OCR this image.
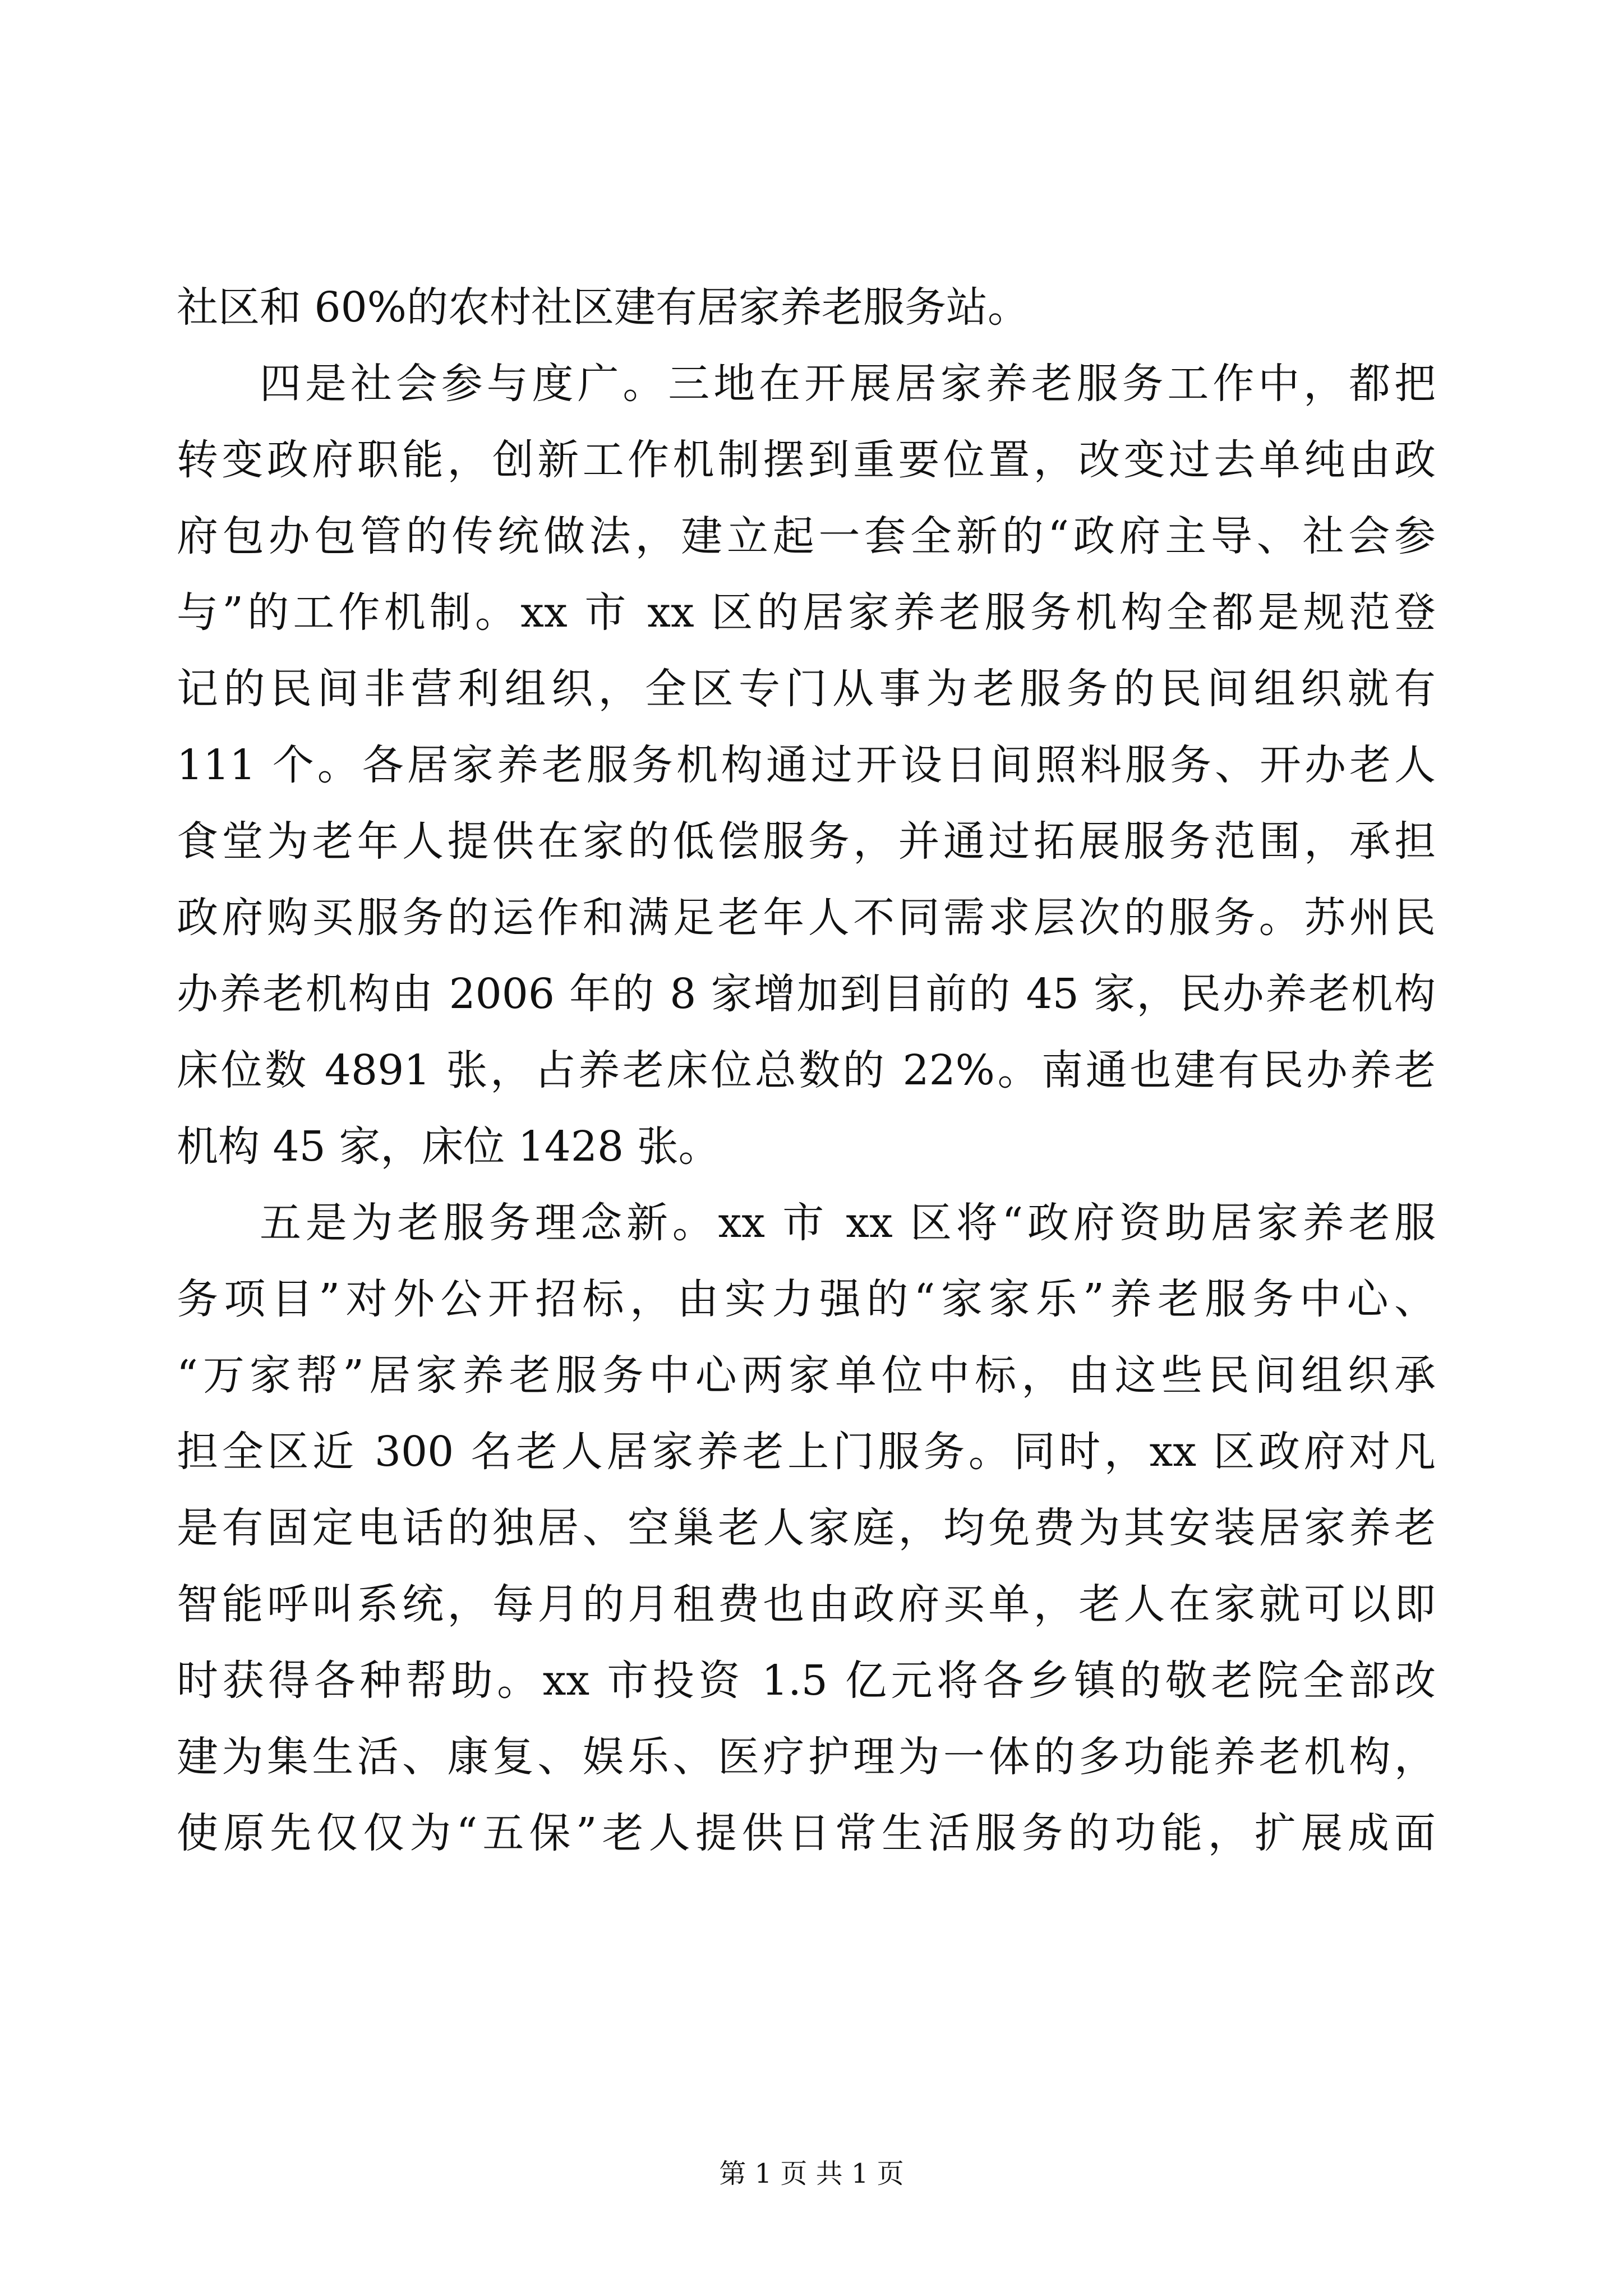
社区和 60%的农村社区建有居家养老服务站。
四是社会参与度广。三地在开展居家养老服务工作中，都把
转变政府职能，创新工作机制摆到重要位置，改变过去单纯由政
府包办包管的传统做法，建立起一套全新的“政府主导、社会参
与”的工作机制。xx 市 xx 区的居家养老服务机构全都是规范登
记的民间非营利组织，全区专门从事为老服务的民间组织就有
111 个。各居家养老服务机构通过开设日间照料服务、开办老人
食堂为老年人提供在家的低偿服务，并通过拓展服务范围，承担
政府购买服务的运作和满足老年人不同需求层次的服务。苏州民
办养老机构由 2006 年的 8 家增加到目前的 45 家，民办养老机构
床位数 4891 张，占养老床位总数的 22%。南通也建有民办养老
机构 45 家，床位 1428 张。
五是为老服务理念新。xx 市 xx 区将“政府资助居家养老服
务项目”对外公开招标，由实力强的“家家乐”养老服务中心、
“万家帮”居家养老服务中心两家单位中标，由这些民间组织承
担全区近 300 名老人居家养老上门服务。同时，xx 区政府对凡
是有固定电话的独居、空巢老人家庭，均免费为其安装居家养老
智能呼叫系统，每月的月租费也由政府买单，老人在家就可以即
时获得各种帮助。xx 市投资 1.5 亿元将各乡镇的敬老院全部改
建为集生活、康复、娱乐、医疗护理为一体的多功能养老机构，
使原先仅仅为“五保”老人提供日常生活服务的功能，扩展成面
第 1 页 共 1 页
